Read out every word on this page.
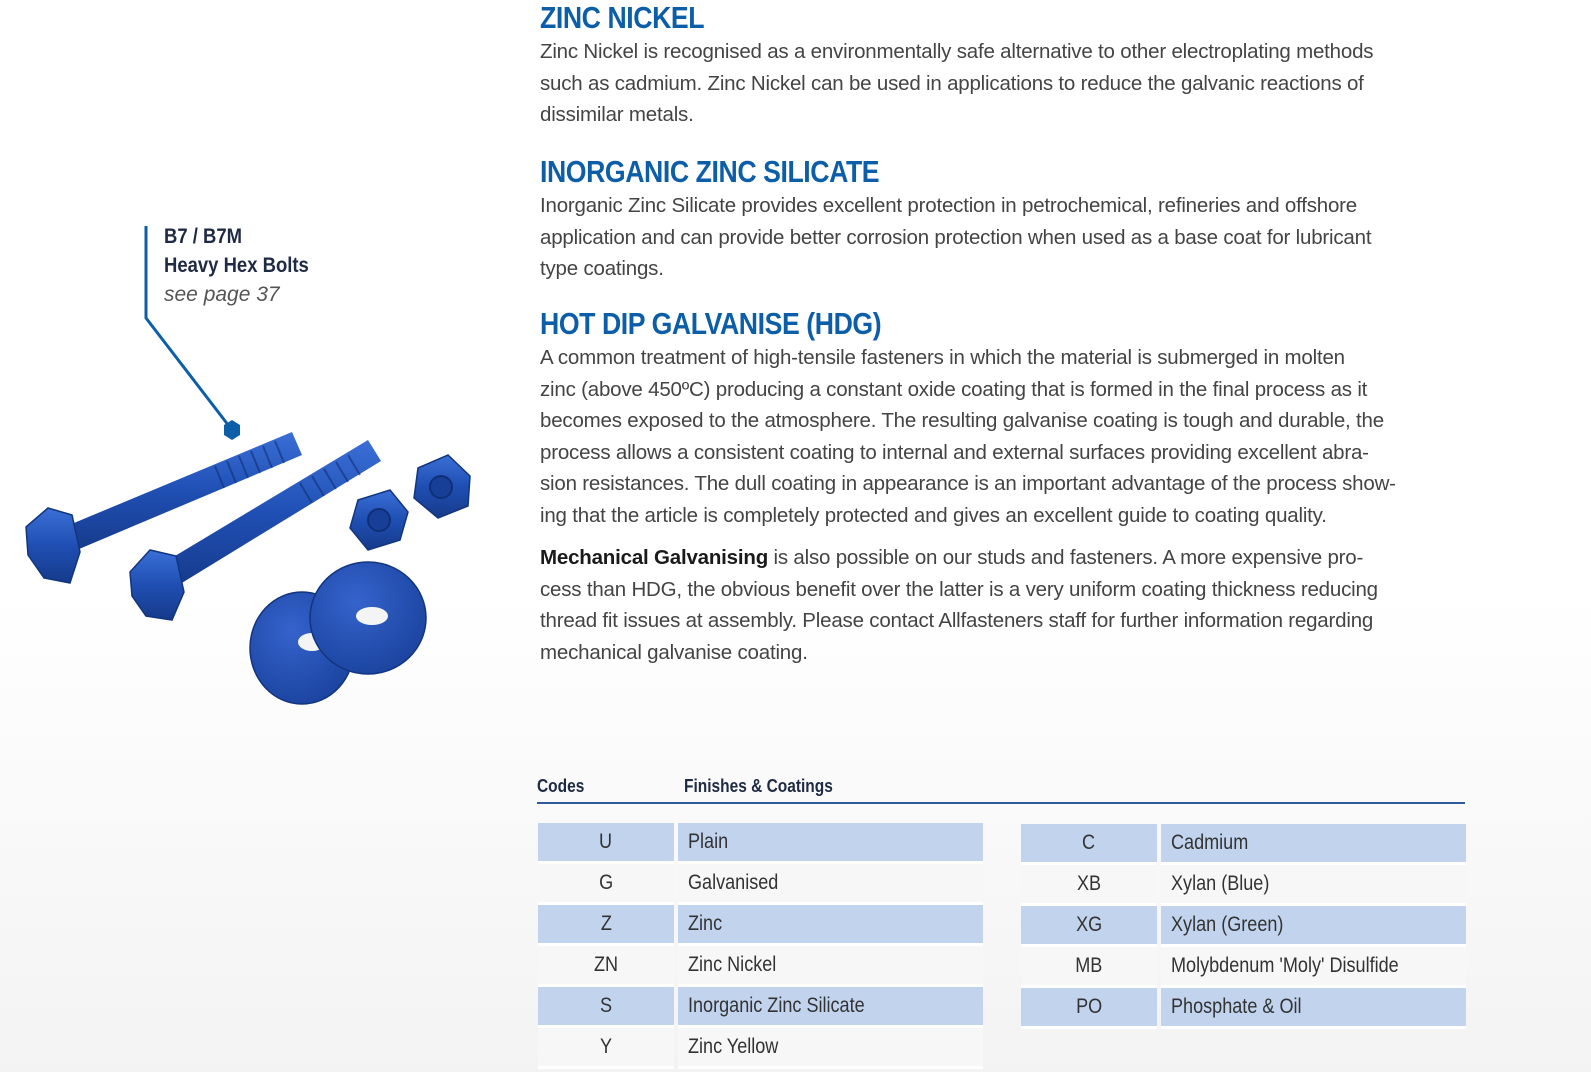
ZINC NICKEL

Zinc Nickel is recognised as a environmentally safe alternative to other electroplating methods
such as cadmium. Zinc Nickel can be used in applications to reduce the galvanic reactions of
dissimilar metals.

INORGANIC ZINC SILICATE

Inorganic Zinc Silicate provides excellent protection in petrochemical, refineries and offshore
application and can provide better corrosion protection when used as a base coat for lubricant
type coatings.

HOT DIP GALVANISE (HDG)

A common treatment of high-tensile fasteners in which the material is submerged in molten
zinc (above 450ºC) producing a constant oxide coating that is formed in the final process as it
becomes exposed to the atmosphere. The resulting galvanise coating is tough and durable, the
process allows a consistent coating to internal and external surfaces providing excellent abra-
sion resistances. The dull coating in appearance is an important advantage of the process show-
ing that the article is completely protected and gives an excellent guide to coating quality.

Mechanical Galvanising is also possible on our studs and fasteners. A more expensive pro-
cess than HDG, the obvious benefit over the latter is a very uniform coating thickness reducing
thread fit issues at assembly. Please contact Allfasteners staff for further information regarding
mechanical galvanise coating.

B7 / B7M
Heavy Hex Bolts
see page 37
Codes	Finishes & Coatings
U	Plain
G	Galvanised
Z	Zinc
ZN	Zinc Nickel
S	Inorganic Zinc Silicate
Y	Zinc Yellow
C	Cadmium
XB	Xylan (Blue)
XG	Xylan (Green)
MB	Molybdenum 'Moly' Disulfide
PO	Phosphate & Oil
